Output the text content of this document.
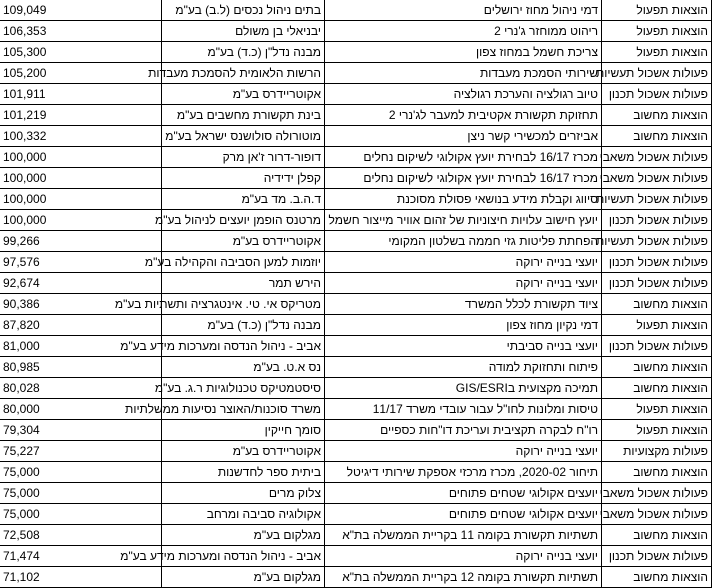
109,049	בתים ניהול נכסים (ל.ב) בע"מ	דמי ניהול מחוז ירושלים	הוצאות תפעול
106,353	יבניאלי בן משולם	ריהוט ממוחזר ג'נרי 2	הוצאות תפעול
105,300	מבנה נדל"ן (כ.ד) בע"מ	צריכת חשמל במחוז צפון	הוצאות תפעול
105,200	הרשות הלאומית להסמכת מעבדות	שירותי הסמכת מעבדות	פעולות אשכול תעשיות
101,911	אקוטריידרס בע"מ	טיוב רגולציה והערכת רגולציה	פעולות אשכול תכנון
101,219	בינת תקשורת מחשבים בע"מ	תחזוקת תקשורת אקטיבית למעבר לג'נרי 2	הוצאות מחשוב
100,332	מוטורולה סולושנס ישראל בע"מ	אביזרים למכשירי קשר ניצן	הוצאות מחשוב
100,000	דופור-דרור ז'אן מרק	מכרז 16/17 לבחירת יועץ אקולוגי לשיקום נחלים	פעולות אשכול משאבי
100,000	קפלן ידידיה	מכרז 16/17 לבחירת יועץ אקולוגי לשיקום נחלים	פעולות אשכול משאבי
100,000	ד.ה.ב. מד בע"מ	סיווג וקבלת מידע בנושאי פסולת מסוכנת	פעולות אשכול תעשיות
100,000	מרטנס הופמן יועצים לניהול בע"מ	יועץ חישוב עלויות חיצוניות של זהום אוויר מייצור חשמל	פעולות אשכול תכנון
99,266	אקוטריידרס בע"מ	הפחתת פליטות גזי חממה בשלטון המקומי	פעולות אשכול תעשיות
97,576	יוזמות למען הסביבה והקהילה בע"מ	יועצי בנייה ירוקה	פעולות אשכול תכנון
92,674	הירש תמר	יועצי בנייה ירוקה	פעולות אשכול תכנון
90,386	מטריקס אי. טי. אינטגרציה ותשתיות בע"מ	ציוד תקשורת לכלל המשרד	הוצאות מחשוב
87,820	מבנה נדל"ן (כ.ד) בע"מ	דמי נקיון מחוז צפון	הוצאות תפעול
81,000	אביב - ניהול הנדסה ומערכות מידע בע"מ	יועצי בנייה סביבתי	פעולות אשכול תכנון
80,985	נס א.ט. בע"מ	פיתוח ותחזוקת למודה	הוצאות מחשוב
80,028	סיסטמטיקס טכנולוגיות ר.ג. בע"מ	תמיכה מקצועית בGIS/ESRI	הוצאות מחשוב
80,000	משרד סוכנות/האוצר נסיעות ממשלתיות	טיסות ומלונות לחו"ל עבור עובדי משרד 11/17	הוצאות תפעול
79,304	סומך חייקין	רו"ח לבקרה תקציבית ועריכת דו"חות כספיים	הוצאות תפעול
75,227	אקוטריידרס בע"מ	יועצי בנייה ירוקה	פעולות מקצועיות
75,000	ביתית ספר לחדשנות	תיחור 2020-02, מכרז מרכזי אספקת שירותי דיגיטל	הוצאות מחשוב
75,000	צלוק מרים	יועצים אקולוגי שטחים פתוחים	פעולות אשכול משאבי
75,000	אקולוגיה סביבה ומרחב	יועצים אקולוגי שטחים פתוחים	פעולות אשכול משאבי
72,508	מגלקום בע"מ	תשתיות תקשורת בקומה 11 בקריית הממשלה בת"א	הוצאות מחשוב
71,474	אביב - ניהול הנדסה ומערכות מידע בע"מ	יועצי בנייה ירוקה	פעולות אשכול תכנון
71,102	מגלקום בע"מ	תשתיות תקשורת בקומה 12 בקריית הממשלה בת"א	הוצאות מחשוב
